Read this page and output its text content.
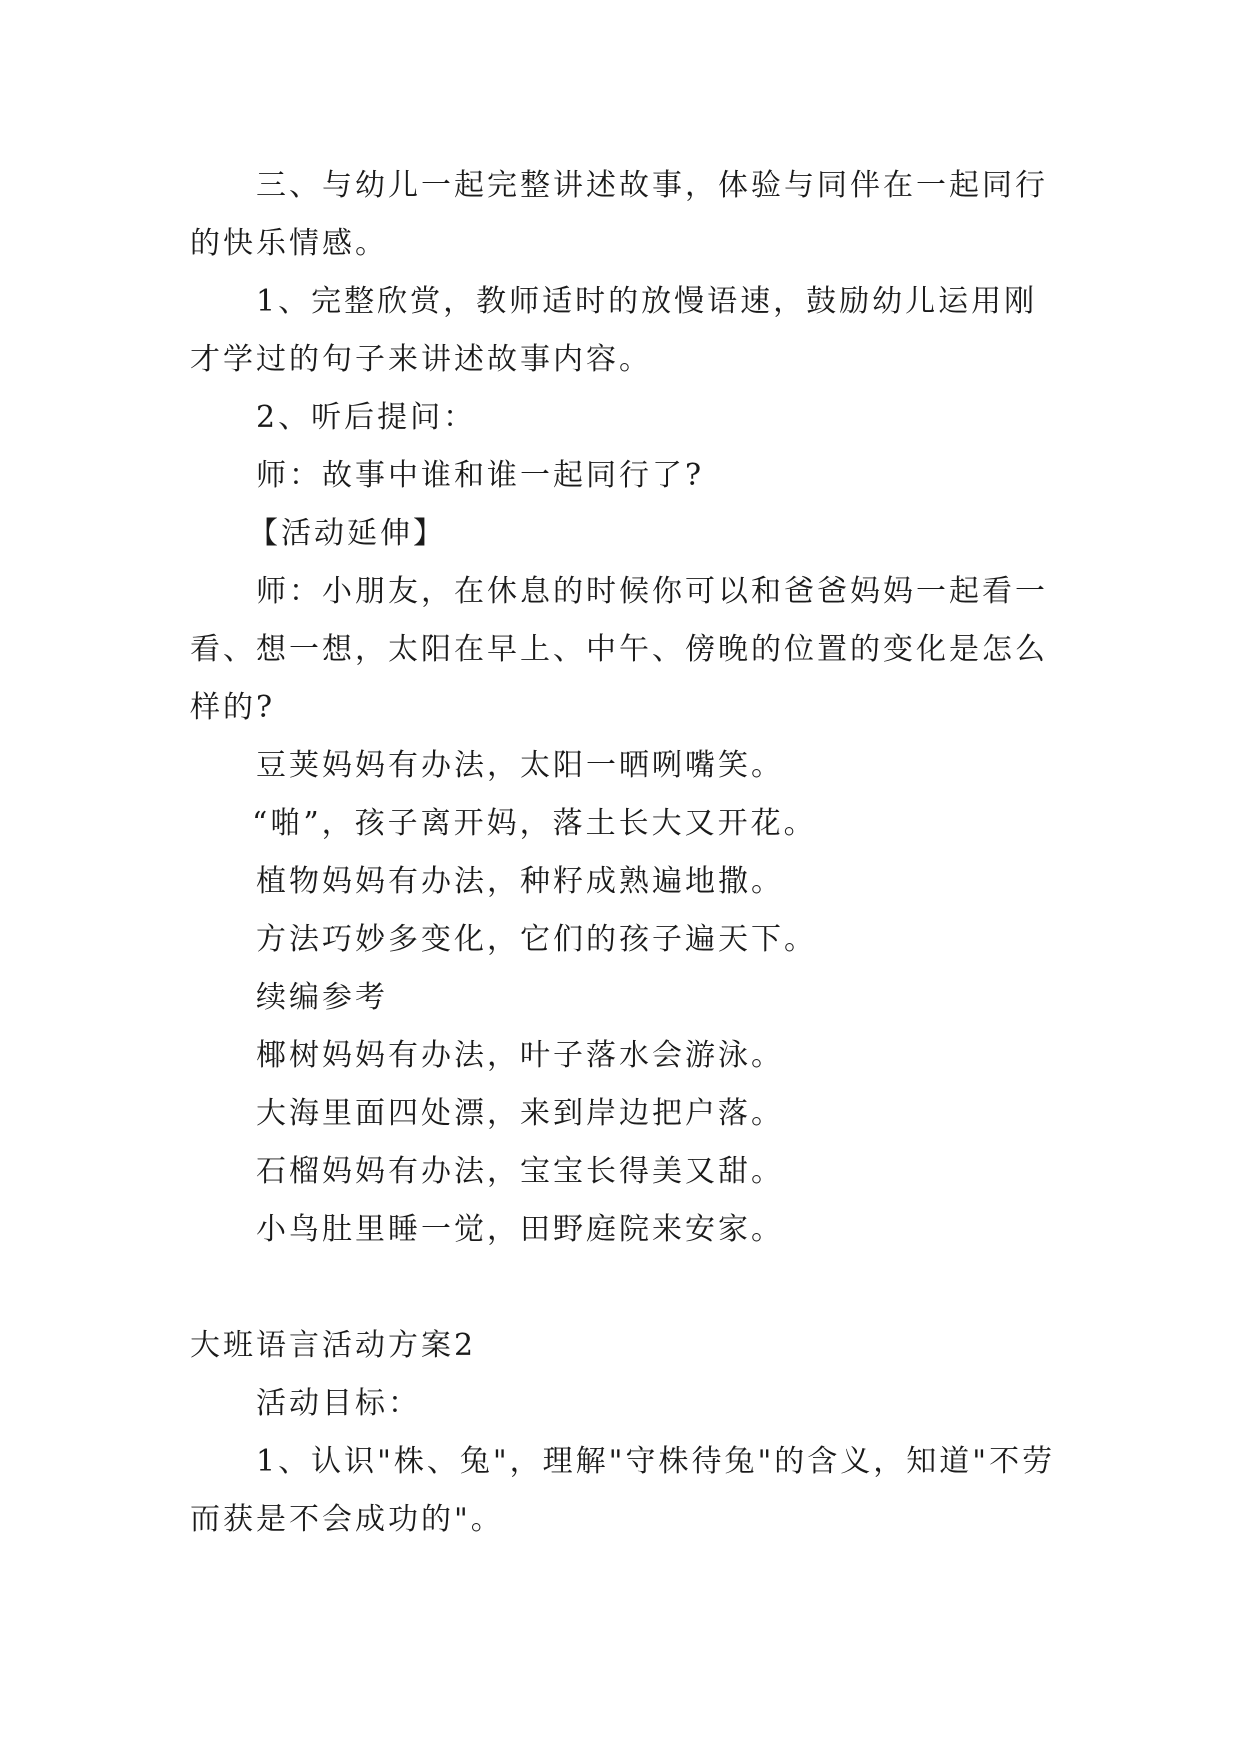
三、与幼儿一起完整讲述故事，体验与同伴在一起同行
的快乐情感。
1、完整欣赏，教师适时的放慢语速，鼓励幼儿运用刚
才学过的句子来讲述故事内容。
2、听后提问：
师：故事中谁和谁一起同行了?
【活动延伸】
师：小朋友，在休息的时候你可以和爸爸妈妈一起看一
看、想一想，太阳在早上、中午、傍晚的位置的变化是怎么
样的?
豆荚妈妈有办法，太阳一晒咧嘴笑。
“啪”，孩子离开妈，落土长大又开花。
植物妈妈有办法，种籽成熟遍地撒。
方法巧妙多变化，它们的孩子遍天下。
续编参考
椰树妈妈有办法，叶子落水会游泳。
大海里面四处漂，来到岸边把户落。
石榴妈妈有办法，宝宝长得美又甜。
小鸟肚里睡一觉，田野庭院来安家。
大班语言活动方案2
活动目标：
1、认识"株、兔"，理解"守株待兔"的含义，知道"不劳
而获是不会成功的"。
